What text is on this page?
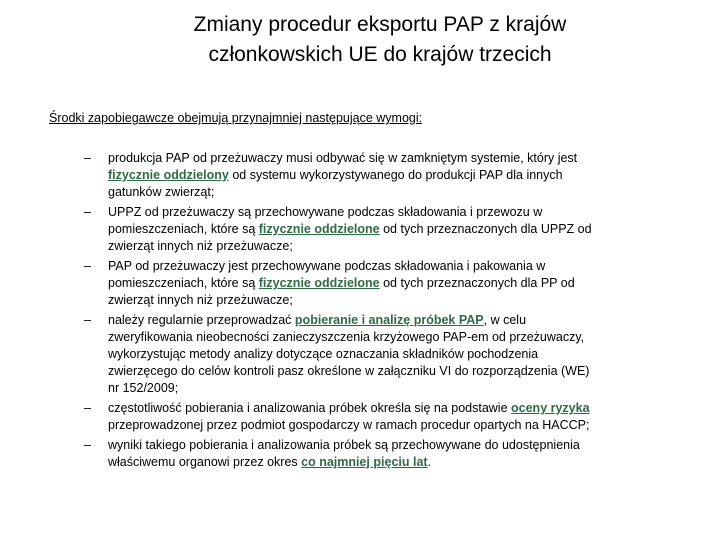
Zmiany procedur eksportu PAP z krajów
członkowskich UE do krajów trzecich
Środki zapobiegawcze obejmują przynajmniej następujące wymogi:
– produkcja PAP od przeżuwaczy musi odbywać się w zamkniętym systemie, który jest
fizycznie oddzielony od systemu wykorzystywanego do produkcji PAP dla innych
gatunków zwierząt;
– UPPZ od przeżuwaczy są przechowywane podczas składowania i przewozu w
pomieszczeniach, które są fizycznie oddzielone od tych przeznaczonych dla UPPZ od
zwierząt innych niż przeżuwacze;
– PAP od przeżuwaczy jest przechowywane podczas składowania i pakowania w
pomieszczeniach, które są fizycznie oddzielone od tych przeznaczonych dla PP od
zwierząt innych niż przeżuwacze;
– należy regularnie przeprowadzać pobieranie i analizę próbek PAP, w celu
zweryfikowania nieobecności zanieczyszczenia krzyżowego PAP-em od przeżuwaczy,
wykorzystując metody analizy dotyczące oznaczania składników pochodzenia
zwierzęcego do celów kontroli pasz określone w załączniku VI do rozporządzenia (WE)
nr 152/2009;
– częstotliwość pobierania i analizowania próbek określa się na podstawie oceny ryzyka
przeprowadzonej przez podmiot gospodarczy w ramach procedur opartych na HACCP;
– wyniki takiego pobierania i analizowania próbek są przechowywane do udostępnienia
właściwemu organowi przez okres co najmniej pięciu lat.
